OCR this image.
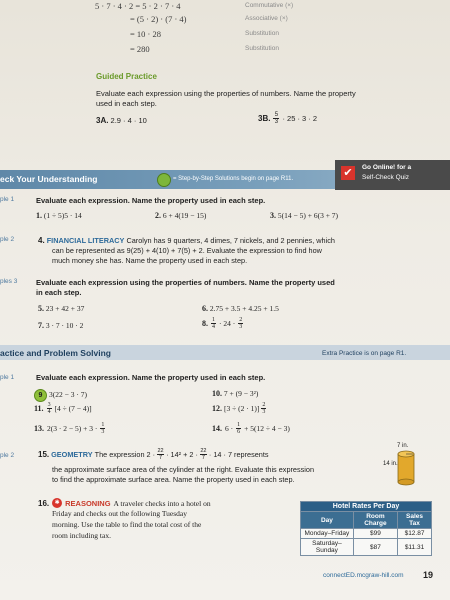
5 · 7 · 4 · 2 = 5 · 2 · 7 · 4	Commutative (×)
= (5 · 2) · (7 · 4)	Associative (×)
= 10 · 28	Substitution
= 280	Substitution
Guided Practice
Evaluate each expression using the properties of numbers. Name the property
used in each step.
3A. 2.9 · 4 · 10	3B. 5
3 · 25 · 3 · 2
eck Your Understanding	= Step-by-Step Solutions begin on page R11.	✔	Go Online! for a
Self-Check Quiz
ple 1	Evaluate each expression. Name the property used in each step.
1. (1 ÷ 5)5 · 14	2. 6 + 4(19 − 15)	3. 5(14 − 5) + 6(3 + 7)
ple 2	4. FINANCIAL LITERACY Carolyn has 9 quarters, 4 dimes, 7 nickels, and 2 pennies, which
can be represented as 9(25) + 4(10) + 7(5) + 2. Evaluate the expression to find how
much money she has. Name the property used in each step.
ples 3 Evaluate each expression using the properties of numbers. Name the property used
in each step.
5. 23 + 42 + 37	6. 2.75 + 3.5 + 4.25 + 1.5
7. 3 · 7 · 10 · 2	8. 1
4 · 24 · 2
3
actice and Problem Solving	Extra Practice is on page R1.
ple 1	Evaluate each expression. Name the property used in each step.
9 3(22 − 3 · 7)	10. 7 + (9 − 3²)
11. 3
4 [4 ÷ (7 − 4)]	12. [3 ÷ (2 · 1)] 2
3
13. 2(3 · 2 − 5) + 3 · 1
3	14. 6 · 1
6 + 5(12 ÷ 4 − 3)
ple 2	15. GEOMETRY The expression 2 · 22
7 · 14² + 2 · 22
7 · 14 · 7 represents
the approximate surface area of the cylinder at the right. Evaluate this expression
to find the approximate surface area. Name the property used in each step.
7 in.
14 in.
16. ✱ REASONING A traveler checks into a hotel on
Friday and checks out the following Tuesday
morning. Use the table to find the total cost of the
room including tax.
Hotel Rates Per Day		
Day	Room Charge	Sales Tax
Monday–Friday	$99	$12.87
Saturday–Sunday	$87	$11.31
connectED.mcgraw-hill.com 19
